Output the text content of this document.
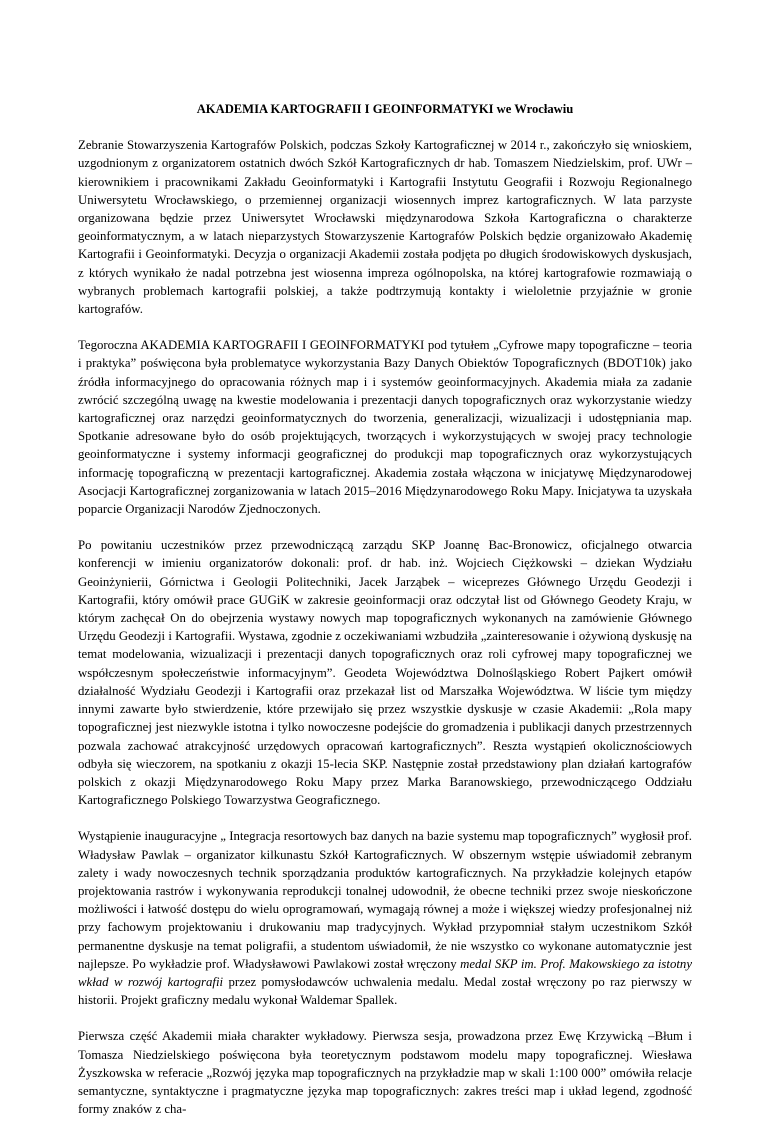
AKADEMIA KARTOGRAFII I GEOINFORMATYKI we Wrocławiu

Zebranie Stowarzyszenia Kartografów Polskich, podczas Szkoły Kartograficznej w 2014 r., zakończyło się wnioskiem, uzgodnionym z organizatorem ostatnich dwóch Szkół Kartograficznych dr hab. Tomaszem Niedzielskim, prof. UWr – kierownikiem i pracownikami Zakładu Geoinformatyki i Kartografii Instytutu Geografii i Rozwoju Regionalnego Uniwersytetu Wrocławskiego, o przemiennej organizacji wiosennych imprez kartograficznych. W lata parzyste organizowana będzie przez Uniwersytet Wrocławski międzynarodowa Szkoła Kartograficzna o charakterze geoinformatycznym, a w latach nieparzystych Stowarzyszenie Kartografów Polskich będzie organizowało Akademię Kartografii i Geoinformatyki. Decyzja o organizacji Akademii została podjęta po długich środowiskowych dyskusjach, z których wynikało że nadal potrzebna jest wiosenna impreza ogólnopolska, na której kartografowie rozmawiają o wybranych problemach kartografii polskiej, a także podtrzymują kontakty i wieloletnie przyjaźnie w gronie kartografów.

Tegoroczna AKADEMIA KARTOGRAFII I GEOINFORMATYKI pod tytułem „Cyfrowe mapy topograficzne – teoria i praktyka” poświęcona była problematyce wykorzystania Bazy Danych Obiektów Topograficznych (BDOT10k) jako źródła informacyjnego do opracowania różnych map i i systemów geoinformacyjnych. Akademia miała za zadanie zwrócić szczególną uwagę na kwestie modelowania i prezentacji danych topograficznych oraz wykorzystanie wiedzy kartograficznej oraz narzędzi geoinformatycznych do tworzenia, generalizacji, wizualizacji i udostępniania map. Spotkanie adresowane było do osób projektujących, tworzących i wykorzystujących w swojej pracy technologie geoinformatyczne i systemy informacji geograficznej do produkcji map topograficznych oraz wykorzystujących informację topograficzną w prezentacji kartograficznej. Akademia została włączona w inicjatywę Międzynarodowej Asocjacji Kartograficznej zorganizowania w latach 2015–2016 Międzynarodowego Roku Mapy. Inicjatywa ta uzyskała poparcie Organizacji Narodów Zjednoczonych.

Po powitaniu uczestników przez przewodniczącą zarządu SKP Joannę Bac-Bronowicz, oficjalnego otwarcia konferencji w imieniu organizatorów dokonali: prof. dr hab. inż. Wojciech Ciężkowski – dziekan Wydziału Geoinżynierii, Górnictwa i Geologii Politechniki, Jacek Jarząbek – wiceprezes Głównego Urzędu Geodezji i Kartografii, który omówił prace GUGiK w zakresie geoinformacji oraz odczytał list od Głównego Geodety Kraju, w którym zachęcał On do obejrzenia wystawy nowych map topograficznych wykonanych na zamówienie Głównego Urzędu Geodezji i Kartografii. Wystawa, zgodnie z oczekiwaniami wzbudziła „zainteresowanie i ożywioną dyskusję na temat modelowania, wizualizacji i prezentacji danych topograficznych oraz roli cyfrowej mapy topograficznej we współczesnym społeczeństwie informacyjnym”. Geodeta Województwa Dolnośląskiego Robert Pajkert omówił działalność Wydziału Geodezji i Kartografii oraz przekazał list od Marszałka Województwa. W liście tym między innymi zawarte było stwierdzenie, które przewijało się przez wszystkie dyskusje w czasie Akademii: „Rola mapy topograficznej jest niezwykle istotna i tylko nowoczesne podejście do gromadzenia i publikacji danych przestrzennych pozwala zachować atrakcyjność urzędowych opracowań kartograficznych”. Reszta wystąpień okolicznościowych odbyła się wieczorem, na spotkaniu z okazji 15-lecia SKP. Następnie został przedstawiony plan działań kartografów polskich z okazji Międzynarodowego Roku Mapy przez Marka Baranowskiego, przewodniczącego Oddziału Kartograficznego Polskiego Towarzystwa Geograficznego.

Wystąpienie inauguracyjne „ Integracja resortowych baz danych na bazie systemu map topograficznych” wygłosił prof. Władysław Pawlak – organizator kilkunastu Szkół Kartograficznych. W obszernym wstępie uświadomił zebranym zalety i wady nowoczesnych technik sporządzania produktów kartograficznych. Na przykładzie kolejnych etapów projektowania rastrów i wykonywania reprodukcji tonalnej udowodnił, że obecne techniki przez swoje nieskończone możliwości i łatwość dostępu do wielu oprogramowań, wymagają równej a może i większej wiedzy profesjonalnej niż przy fachowym projektowaniu i drukowaniu map tradycyjnych. Wykład przypomniał stałym uczestnikom Szkół permanentne dyskusje na temat poligrafii, a studentom uświadomił, że nie wszystko co wykonane automatycznie jest najlepsze. Po wykładzie prof. Władysławowi Pawlakowi został wręczony medal SKP im. Prof. Makowskiego za istotny wkład w rozwój kartografii przez pomysłodawców uchwalenia medalu. Medal został wręczony po raz pierwszy w historii. Projekt graficzny medalu wykonał Waldemar Spallek.

Pierwsza część Akademii miała charakter wykładowy. Pierwsza sesja, prowadzona przez Ewę Krzywicką –Błum i Tomasza Niedzielskiego poświęcona była teoretycznym podstawom modelu mapy topograficznej. Wiesława Żyszkowska w referacie „Rozwój języka map topograficznych na przykładzie map w skali 1:100 000” omówiła relacje semantyczne, syntaktyczne i pragmatyczne języka map topograficznych: zakres treści map i układ legend, zgodność formy znaków z cha-
